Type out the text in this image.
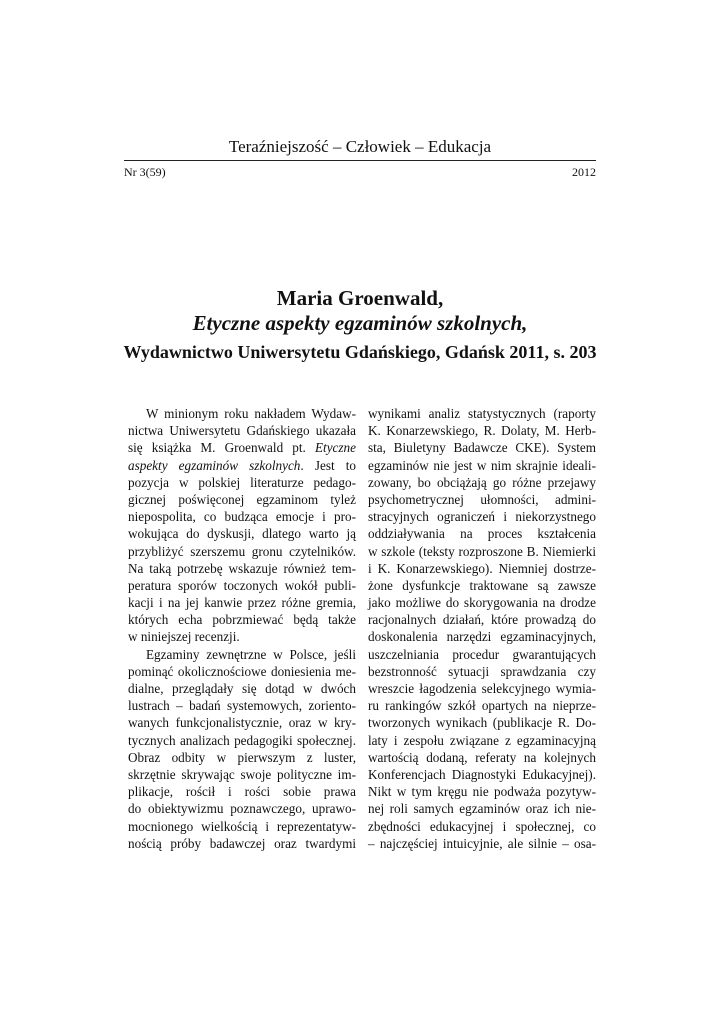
Teraźniejszość – Człowiek – Edukacja
Nr 3(59)	2012
Maria Groenwald,
Etyczne aspekty egzaminów szkolnych,
Wydawnictwo Uniwersytetu Gdańskiego, Gdańsk 2011, s. 203
W minionym roku nakładem Wydaw-
nictwa Uniwersytetu Gdańskiego ukazała
się książka M. Groenwald pt. Etyczne
aspekty egzaminów szkolnych. Jest to
pozycja w polskiej literaturze pedago-
gicznej poświęconej egzaminom tyleż
niepospolita, co budząca emocje i pro-
wokująca do dyskusji, dlatego warto ją
przybliżyć szerszemu gronu czytelników.
Na taką potrzebę wskazuje również tem-
peratura sporów toczonych wokół publi-
kacji i na jej kanwie przez różne gremia,
których echa pobrzmiewać będą także
w niniejszej recenzji.
Egzaminy zewnętrzne w Polsce, jeśli
pominąć okolicznościowe doniesienia me-
dialne, przeglądały się dotąd w dwóch
lustrach – badań systemowych, zoriento-
wanych funkcjonalistycznie, oraz w kry-
tycznych analizach pedagogiki społecznej.
Obraz odbity w pierwszym z luster,
skrzętnie skrywając swoje polityczne im-
plikacje, rościł i rości sobie prawa
do obiektywizmu poznawczego, uprawo-
mocnionego wielkością i reprezentatyw-
nością próby badawczej oraz twardymi
wynikami analiz statystycznych (raporty
K. Konarzewskiego, R. Dolaty, M. Herb-
sta, Biuletyny Badawcze CKE). System
egzaminów nie jest w nim skrajnie ideali-
zowany, bo obciążają go różne przejawy
psychometrycznej ułomności, admini-
stracyjnych ograniczeń i niekorzystnego
oddziaływania na proces kształcenia
w szkole (teksty rozproszone B. Niemierki
i K. Konarzewskiego). Niemniej dostrze-
żone dysfunkcje traktowane są zawsze
jako możliwe do skorygowania na drodze
racjonalnych działań, które prowadzą do
doskonalenia narzędzi egzaminacyjnych,
uszczelniania procedur gwarantujących
bezstronność sytuacji sprawdzania czy
wreszcie łagodzenia selekcyjnego wymia-
ru rankingów szkół opartych na nieprze-
tworzonych wynikach (publikacje R. Do-
laty i zespołu związane z egzaminacyjną
wartością dodaną, referaty na kolejnych
Konferencjach Diagnostyki Edukacyjnej).
Nikt w tym kręgu nie podważa pozytyw-
nej roli samych egzaminów oraz ich nie-
zbędności edukacyjnej i społecznej, co
– najczęściej intuicyjnie, ale silnie – osa-
